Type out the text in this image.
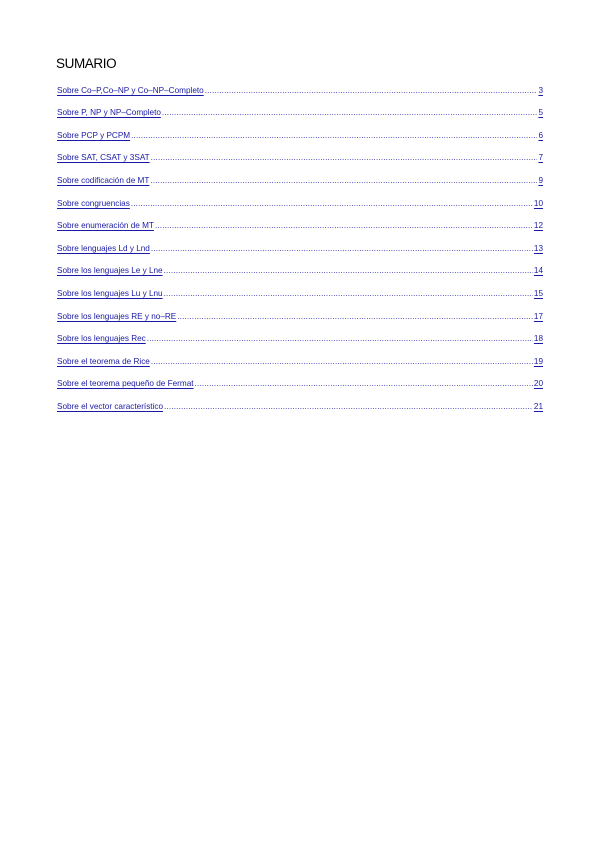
SUMARIO
Sobre Co–P,Co–NP y Co–NP–Completo .....	3
Sobre P, NP y NP–Completo .....	5
Sobre PCP y PCPM .....	6
Sobre SAT, CSAT y 3SAT .....	7
Sobre codificación de MT .....	9
Sobre congruencias .....	10
Sobre enumeración de MT .....	12
Sobre lenguajes Ld y Lnd .....	13
Sobre los lenguajes Le y Lne .....	14
Sobre los lenguajes Lu y Lnu .....	15
Sobre los lenguajes RE y no–RE .....	17
Sobre los lenguajes Rec .....	18
Sobre el teorema de Rice .....	19
Sobre el teorema pequeño de Fermat .....	20
Sobre el vector característico .....	21
